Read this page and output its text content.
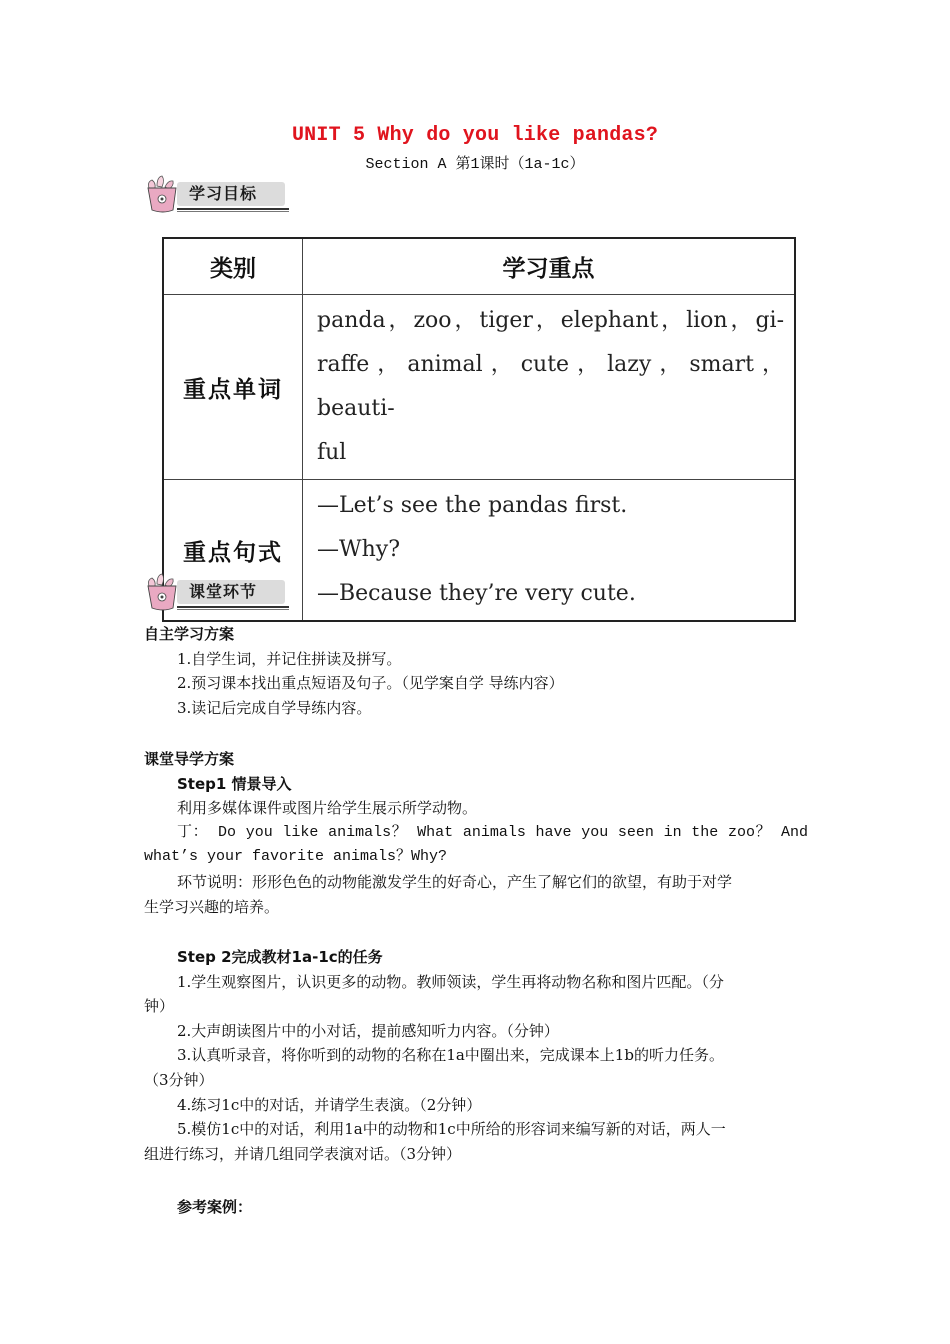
UNIT 5 Why do you like pandas?
Section A 第1课时（1a-1c）
学习目标
类别	学习重点
重点单词	panda，zoo，tiger，elephant，lion，gi-
raffe，animal，cute，lazy，smart，beauti-
ful

重点句式	—Let’s see the pandas first.
—Why?
—Because they’re very cute.
课堂环节
自主学习方案
1.自学生词，并记住拼读及拼写。
2.预习课本找出重点短语及句子。（见学案自学 导练内容）
3.读记后完成自学导练内容。
课堂导学方案
Step1 情景导入
利用多媒体课件或图片给学生展示所学动物。
丁： Do you like animals？ What animals have you seen in the zoo？ And
what’s your favorite animals？Why?
环节说明：形形色色的动物能激发学生的好奇心，产生了解它们的欲望，有助于对学
生学习兴趣的培养。
Step 2完成教材1a-1c的任务
1.学生观察图片，认识更多的动物。教师领读，学生再将动物名称和图片匹配。（分
钟）
2.大声朗读图片中的小对话，提前感知听力内容。（分钟）
3.认真听录音，将你听到的动物的名称在1a中圈出来，完成课本上1b的听力任务。
（3分钟）
4.练习1c中的对话，并请学生表演。（2分钟）
5.模仿1c中的对话，利用1a中的动物和1c中所给的形容词来编写新的对话，两人一
组进行练习，并请几组同学表演对话。（3分钟）
参考案例：
